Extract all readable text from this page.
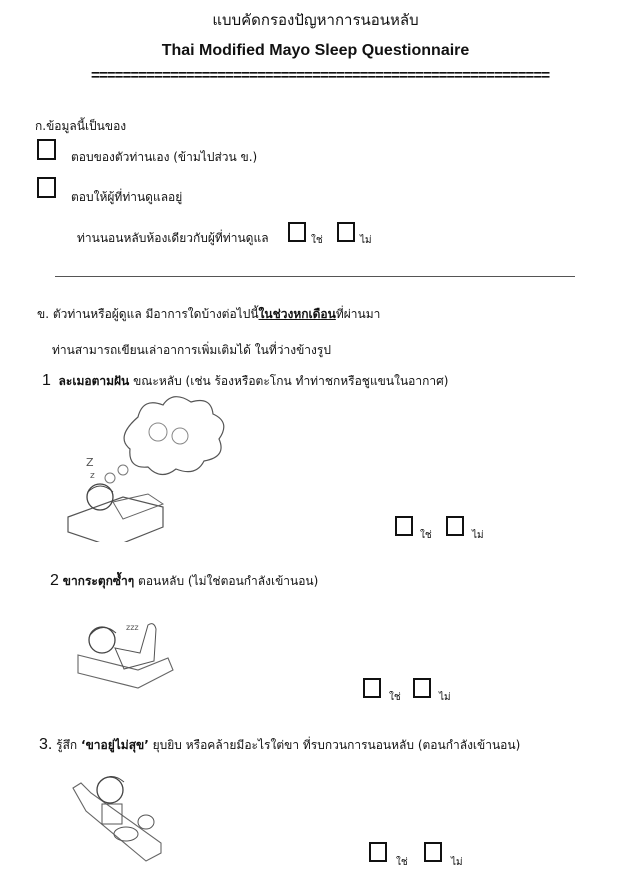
แบบคัดกรองปัญหาการนอนหลับ
Thai Modified Mayo Sleep Questionnaire
==========================================================
ก.ข้อมูลนี้เป็นของ
ตอบของตัวท่านเอง (ข้ามไปส่วน ข.)
ตอบให้ผู้ที่ท่านดูแลอยู่
ท่านนอนหลับห้องเดียวกับผู้ที่ท่านดูแล	ใช่	ไม่
ข. ตัวท่านหรือผู้ดูแล มีอาการใดบ้างต่อไปนี้ในช่วงหกเดือนที่ผ่านมา
ท่านสามารถเขียนเล่าอาการเพิ่มเติมได้ ในที่ว่างข้างรูป
1 ละเมอตามฝัน ขณะหลับ (เช่น ร้องหรือตะโกน ทำท่าชกหรือชูแขนในอากาศ)
Z
z
ใช่	ไม่
2 ขากระตุกซ้ำๆ ตอนหลับ (ไม่ใช่ตอนกำลังเข้านอน)
zzz
ใช่	ไม่
3. รู้สึก ‘ขาอยู่ไม่สุข’ ยุบยิบ หรือคล้ายมีอะไรใต่ขา ที่รบกวนการนอนหลับ (ตอนกำลังเข้านอน)
ใช่	ไม่
